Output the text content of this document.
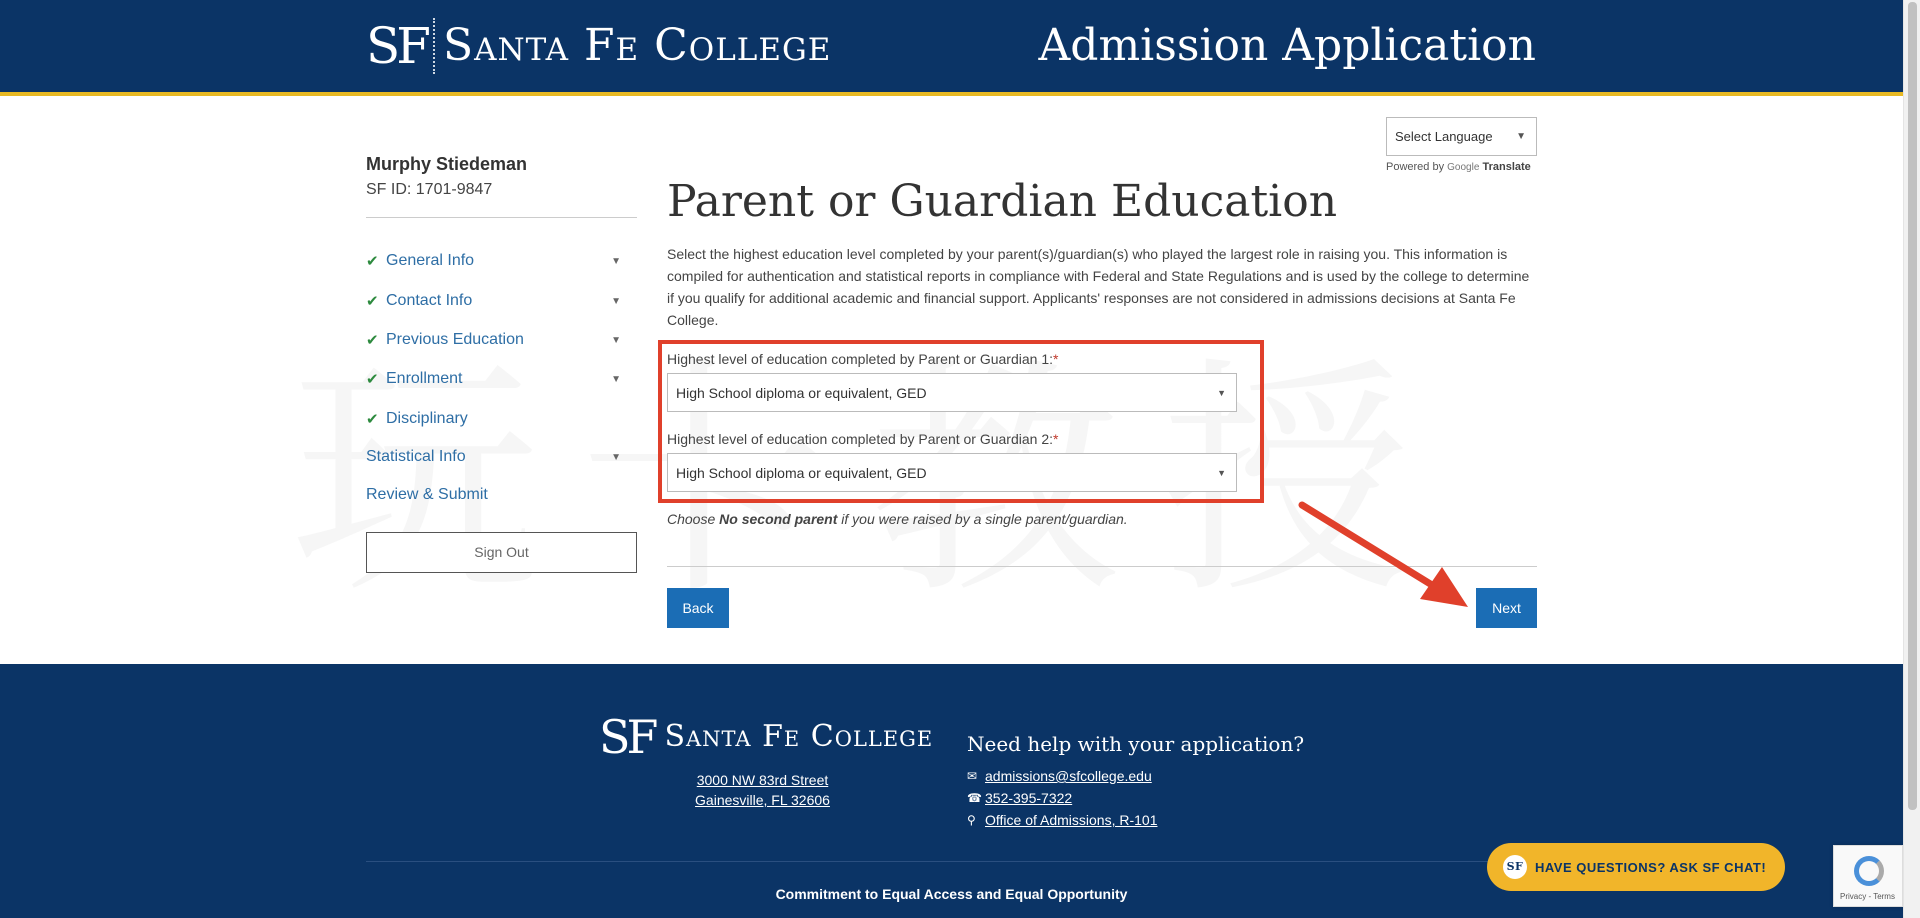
SF Santa Fe College	Admission Application
Select Language ▼
Powered by Google Translate
Murphy Stiedeman
SF ID: 1701-9847
✔ General Info	▼
✔ Contact Info	▼
✔ Previous Education	▼
✔ Enrollment	▼
✔ Disciplinary
Statistical Info	▼
Review & Submit
Sign Out
Parent or Guardian Education

Select the highest education level completed by your parent(s)/guardian(s) who played the largest role in raising you. This information is compiled for authentication and statistical reports in compliance with Federal and State Regulations and is used by the college to determine if you qualify for additional academic and financial support. Applicants' responses are not considered in admissions decisions at Santa Fe College.

Highest level of education completed by Parent or Guardian 1:*
High School diploma or equivalent, GED	▼
Highest level of education completed by Parent or Guardian 2:*
High School diploma or equivalent, GED	▼
Choose No second parent if you were raised by a single parent/guardian.
Back	Next
SF Santa Fe College
3000 NW 83rd Street
Gainesville, FL 32606
Need help with your application?
✉ admissions@sfcollege.edu
☎ 352-395-7322
⚲ Office of Admissions, R-101
Commitment to Equal Access and Equal Opportunity
SF HAVE QUESTIONS? ASK SF CHAT!
Privacy - Terms
